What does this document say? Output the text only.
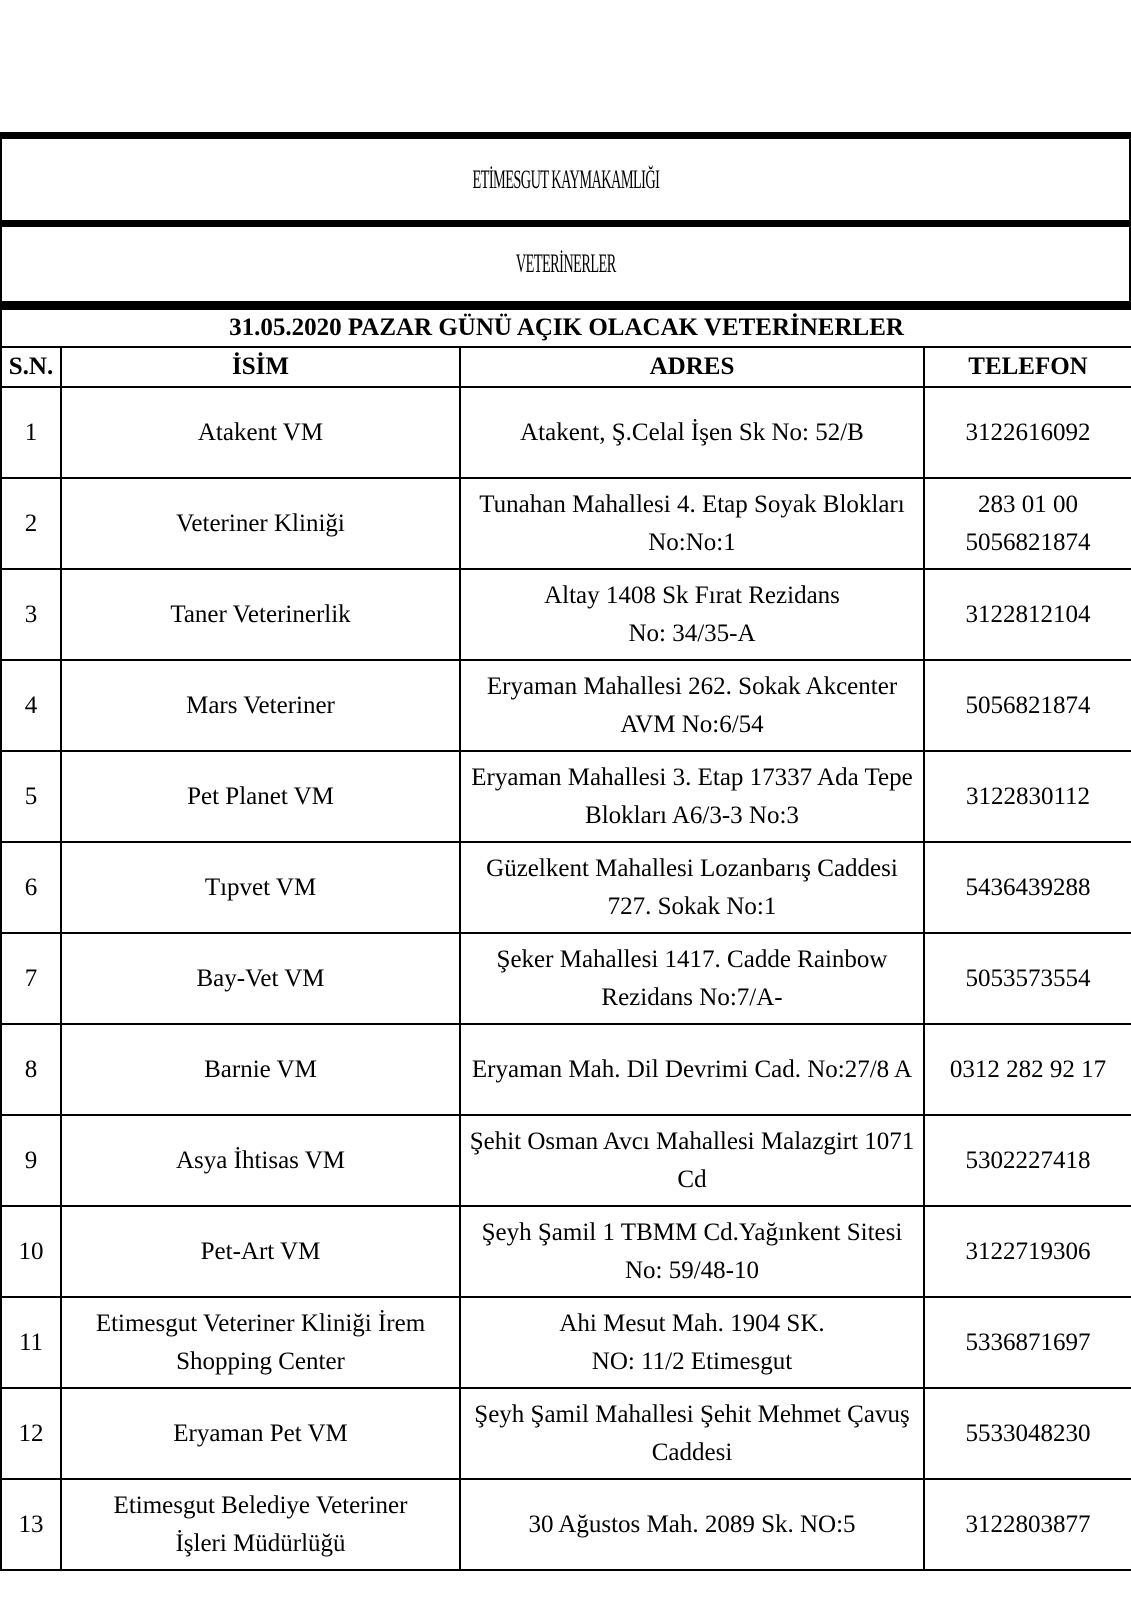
ETİMESGUT KAYMAKAMLIĞI
VETERİNERLER
31.05.2020 PAZAR GÜNÜ AÇIK OLACAK VETERİNERLER			
S.N.	İSİM	ADRES	TELEFON
1	Atakent VM	Atakent, Ş.Celal İşen Sk No: 52/B	3122616092

2	Veteriner Kliniği	Tunahan Mahallesi 4. Etap Soyak Blokları
No:No:1	283 01 00
5056821874

3	Taner Veterinerlik	Altay 1408 Sk Fırat Rezidans
No: 34/35-A	3122812104

4	Mars Veteriner	Eryaman Mahallesi 262. Sokak Akcenter
AVM No:6/54	5056821874

5	Pet Planet VM	Eryaman Mahallesi 3. Etap 17337 Ada Tepe
Blokları A6/3-3 No:3	3122830112

6	Tıpvet VM	Güzelkent Mahallesi Lozanbarış Caddesi
727. Sokak No:1	5436439288

7	Bay-Vet VM	Şeker Mahallesi 1417. Cadde Rainbow
Rezidans No:7/A-	5053573554

8	Barnie VM	Eryaman Mah. Dil Devrimi Cad. No:27/8 A	0312 282 92 17

9	Asya İhtisas VM	Şehit Osman Avcı Mahallesi Malazgirt 1071
Cd	5302227418

10	Pet-Art VM	Şeyh Şamil 1 TBMM Cd.Yağınkent Sitesi
No: 59/48-10	3122719306

11	Etimesgut Veteriner Kliniği İrem
Shopping Center	Ahi Mesut Mah. 1904 SK.
NO: 11/2 Etimesgut	5336871697

12	Eryaman Pet VM	Şeyh Şamil Mahallesi Şehit Mehmet Çavuş
Caddesi	5533048230

13	Etimesgut Belediye Veteriner
İşleri Müdürlüğü	30 Ağustos Mah. 2089 Sk. NO:5	3122803877
